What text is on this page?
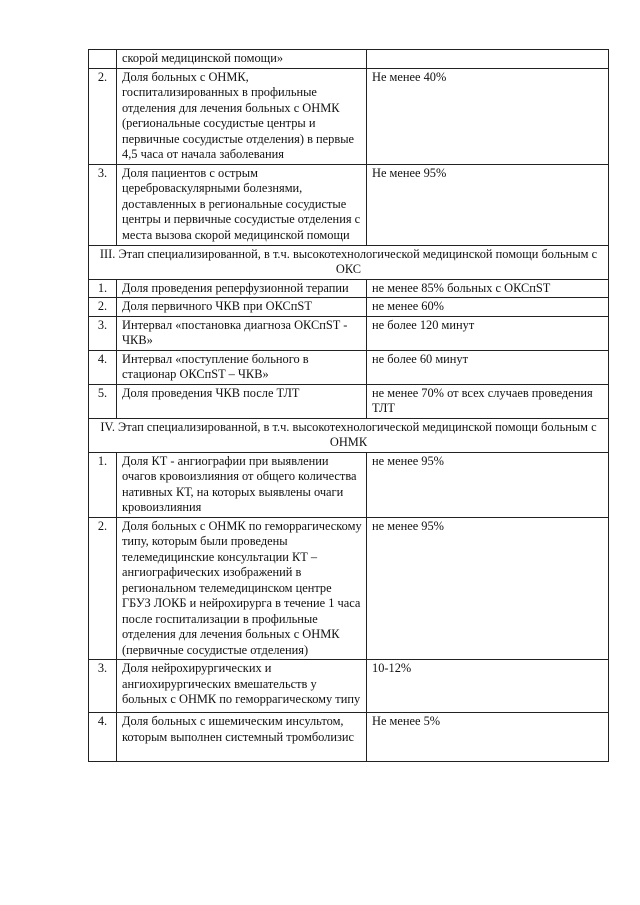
	скорой медицинской помощи»	
2.	Доля больных с ОНМК, госпитализированных в профильные отделения для лечения больных с ОНМК (региональные сосудистые центры и первичные сосудистые отделения) в первые 4,5 часа от начала заболевания	Не менее 40%
3.	Доля пациентов с острым цереброваскулярными болезнями, доставленных в региональные сосудистые центры и первичные сосудистые отделения с места вызова скорой медицинской помощи	Не менее 95%
III. Этап специализированной, в т.ч. высокотехнологической медицинской помощи больным с ОКС		
1.	Доля проведения реперфузионной терапии	не менее 85% больных с ОКСпST
2.	Доля первичного ЧКВ при ОКСпST	не менее 60%
3.	Интервал «постановка диагноза ОКСпST - ЧКВ»	не более 120 минут
4.	Интервал «поступление больного в стационар ОКСпST – ЧКВ»	не более 60 минут
5.	Доля проведения ЧКВ после ТЛТ	не менее 70% от всех случаев проведения ТЛТ
IV. Этап специализированной, в т.ч. высокотехнологической медицинской помощи больным с ОНМК		
1.	Доля КТ - ангиографии при выявлении очагов кровоизлияния от общего количества нативных КТ, на которых выявлены очаги кровоизлияния	не менее 95%
2.	Доля больных с ОНМК по геморрагическому типу, которым были проведены телемедицинские консультации КТ –ангиографических изображений в региональном телемедицинском центре ГБУЗ ЛОКБ и нейрохирурга в течение 1 часа после госпитализации в профильные отделения для лечения больных с ОНМК (первичные сосудистые отделения)	не менее 95%
3.	Доля нейрохирургических и ангиохирургических вмешательств у больных с ОНМК по геморрагическому типу	10-12%
4.	Доля больных с ишемическим инсультом, которым выполнен системный тромболизис	Не менее 5%
